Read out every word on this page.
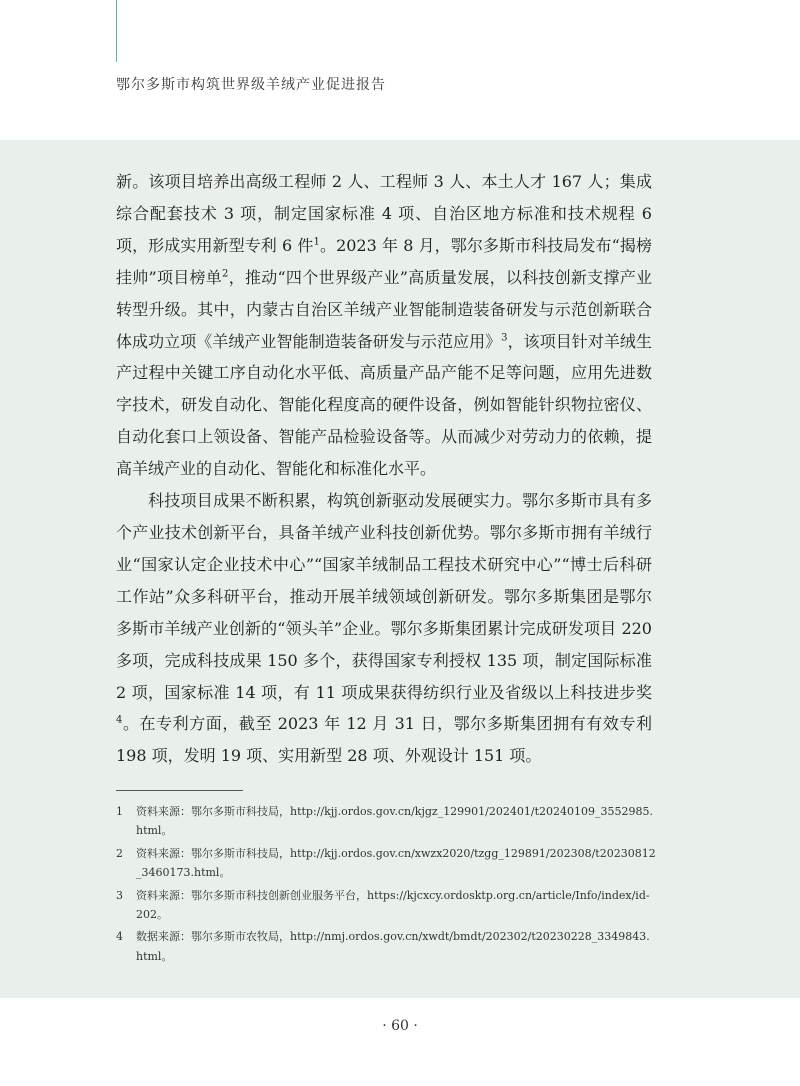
鄂尔多斯市构筑世界级羊绒产业促进报告

新。该项目培养出高级工程师 2 人、工程师 3 人、本土人才 167 人；集成综合配套技术 3 项，制定国家标准 4 项、自治区地方标准和技术规程 6 项，形成实用新型专利 6 件$^1$。2023 年 8 月，鄂尔多斯市科技局发布“揭榜挂帅”项目榜单$^2$，推动“四个世界级产业”高质量发展，以科技创新支撑产业转型升级。其中，内蒙古自治区羊绒产业智能制造装备研发与示范创新联合体成功立项《羊绒产业智能制造装备研发与示范应用》$^3$，该项目针对羊绒生产过程中关键工序自动化水平低、高质量产品产能不足等问题，应用先进数字技术，研发自动化、智能化程度高的硬件设备，例如智能针织物拉密仪、自动化套口上领设备、智能产品检验设备等。从而减少对劳动力的依赖，提高羊绒产业的自动化、智能化和标准化水平。

科技项目成果不断积累，构筑创新驱动发展硬实力。鄂尔多斯市具有多个产业技术创新平台，具备羊绒产业科技创新优势。鄂尔多斯市拥有羊绒行业“国家认定企业技术中心”“国家羊绒制品工程技术研究中心”“博士后科研工作站”众多科研平台，推动开展羊绒领域创新研发。鄂尔多斯集团是鄂尔多斯市羊绒产业创新的“领头羊”企业。鄂尔多斯集团累计完成研发项目 220 多项，完成科技成果 150 多个，获得国家专利授权 135 项，制定国际标准 2 项，国家标准 14 项，有 11 项成果获得纺织行业及省级以上科技进步奖$^4$。在专利方面，截至 2023 年 12 月 31 日，鄂尔多斯集团拥有有效专利 198 项，发明 19 项、实用新型 28 项、外观设计 151 项。

1	资料来源：鄂尔多斯市科技局，http://kjj.ordos.gov.cn/kjgz_129901/202401/t20240109_3552985.html。
2	资料来源：鄂尔多斯市科技局，http://kjj.ordos.gov.cn/xwzx2020/tzgg_129891/202308/t20230812_3460173.html。
3	资料来源：鄂尔多斯市科技创新创业服务平台，https://kjcxcy.ordosktp.org.cn/article/Info/index/id-202。
4	数据来源：鄂尔多斯市农牧局，http://nmj.ordos.gov.cn/xwdt/bmdt/202302/t20230228_3349843.html。
· 60 ·
